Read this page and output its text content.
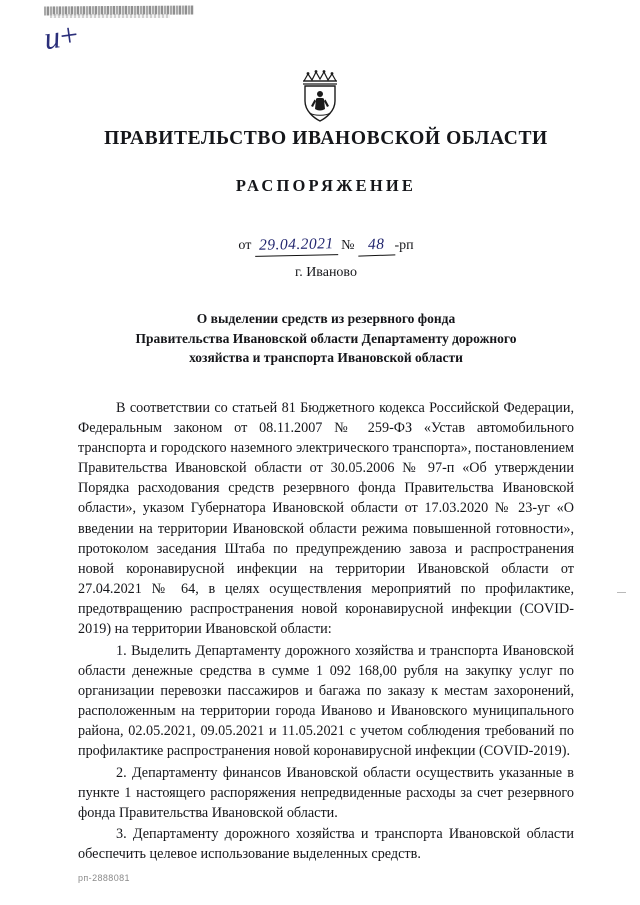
и+
ПРАВИТЕЛЬСТВО ИВАНОВСКОЙ ОБЛАСТИ
РАСПОРЯЖЕНИЕ
от 29.04.2021 № 48 -рп
г. Иваново
О выделении средств из резервного фонда
Правительства Ивановской области Департаменту дорожного
хозяйства и транспорта Ивановской области

В соответствии со статьей 81 Бюджетного кодекса Российской Федерации, Федеральным законом от 08.11.2007 № 259-ФЗ «Устав автомобильного транспорта и городского наземного электрического транспорта», постановлением Правительства Ивановской области от 30.05.2006 № 97-п «Об утверждении Порядка расходования средств резервного фонда Правительства Ивановской области», указом Губернатора Ивановской области от 17.03.2020 № 23-уг «О введении на территории Ивановской области режима повышенной готовности», протоколом заседания Штаба по предупреждению завоза и распространения новой коронавирусной инфекции на территории Ивановской области от 27.04.2021 № 64, в целях осуществления мероприятий по профилактике, предотвращению распространения новой коронавирусной инфекции (COVID-2019) на территории Ивановской области:

1. Выделить Департаменту дорожного хозяйства и транспорта Ивановской области денежные средства в сумме 1 092 168,00 рубля на закупку услуг по организации перевозки пассажиров и багажа по заказу к местам захоронений, расположенным на территории города Иваново и Ивановского муниципального района, 02.05.2021, 09.05.2021 и 11.05.2021 с учетом соблюдения требований по профилактике распространения новой коронавирусной инфекции (COVID-2019).

2. Департаменту финансов Ивановской области осуществить указанные в пункте 1 настоящего распоряжения непредвиденные расходы за счет резервного фонда Правительства Ивановской области.

3. Департаменту дорожного хозяйства и транспорта Ивановской области обеспечить целевое использование выделенных средств.

рп-2888081
